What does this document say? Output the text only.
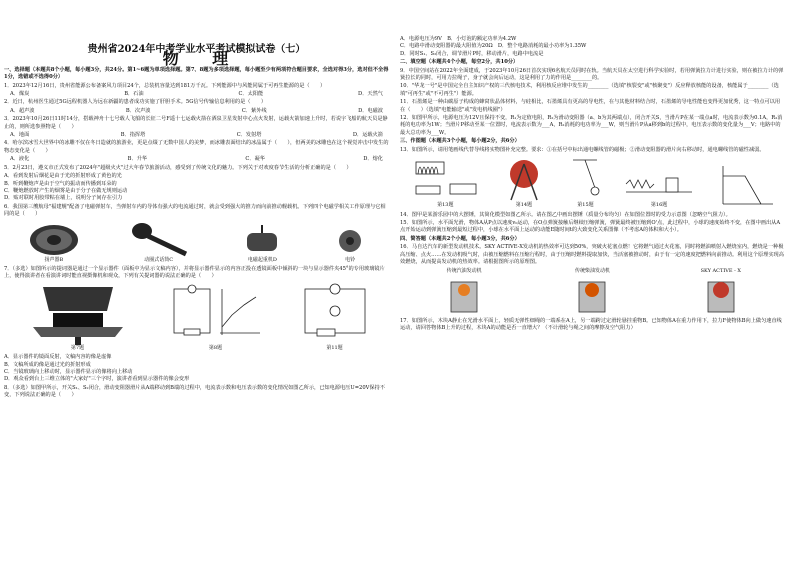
贵州省2024年中考学业水平考试模拟试卷（七）
物 理

一、选择题（本题共8个小题，每小题3分，共24分。第1~6题为单项选择题。第7、8题为多项选择题，每小题至少有两项符合题目要求，全选对得3分，选对但不全得1分，选错或不选得0分）

1．2023年12月16日，贵州省能源公布备案风力项目24个，总装机容量达到181万千瓦。下列能源中与风能同属于可再生能源的是（　　）

A．煤炭	B．石油	C．太阳能	D．天然气

2．近日，杭州医生通过5G远程机器人为远在新疆的患者成功实施了肝胆手术。5G信号传输信息利用的是（　　）

A．超声波	B．次声波	C．紫外线	D．电磁波

3．2023年10月26日11时14分，搭载神舟十七号载人飞船的长征二号F遥十七运载火箭在酒泉卫星发射中心点火发射，运载火箭加速上升时，若说宇飞船的航天员是静止的，则所选参照物是（　　）

A．地面	B．指挥塔	C．发射塔	D．运载火箭

4．哈尔滨冰雪大世界中的冰雕不仅在冬日造就的旅游业，更是点缀了无数中国人的美梦，而冰雕表面结出的冰晶属于（　　），但两美的冰雕也在这个视觉冲击中发生的物态变化是（　　）

A．液化	B．升华	C．凝华	D．熔化

5．2月23日，遵义市正式发布了2024年"超级火火"过大年春节旅游活动，感受到了传统文化的魅力。下列关于对欢度春节生活的分析正确的是（　　）

A．看到发射后烟花是由于光的折射形成了黄色的光

B．听到鞭炮声是由于空气的振动而传播到耳朵的

C．鞭炮燃放时产生的烟雾是由于分子在做无规则运动

D．贴对联时用胶带粘在墙上，说明分子间存在引力

6．我国第三艘航母"福建舰"配备了电磁弹射车，当弹射车内的导体有强大的电流通过时，就会受到强大的推力而向前推动舰载机。下列四个电磁学相关工作原理与它相同的是（　　）

扬声器B	动圈式话筒C	电磁起重机D	电铃

7．（多选）如图所示的提词器是通过一个显示器件（面板中为显示文稿内容），并将显示器件显示的内容正投在透镜面板中倾斜的一块与显示器件夹45°的专用玻璃镜片上，使得演讲者在看演讲词时能直视摄像机和观众，下列有关提词器的说法正确的是（　　）

第7题	第8题	第11题

A．显示器件的镜面反射，文稿内容的像是虚像

B．文稿所成的像是通过光的折射形成

C．当镜玻璃向上移动时，显示器件显示的像将向上移动

D．观众看到台上三维立体的"大家好"三个字时，演讲者看到显示器件的像会变形

8．（多选）如图甲所示，开关S₁、S₂闭合，滑动变阻器滑片从A端移动到B端的过程中，电流表示数和电压表示数的变化情况如图乙所示，已知电源电压U=20V保持不变，下列说法正确的是（　　）

A．电源电压为9V　B．小灯泡的额定功率为4.2W

C．电路中滑动变阻器的最大阻值为20Ω　D．整个电路消耗的最小功率为1.35W

D．同时S₁、S₂闭合，调节滑片P时，移动滑片，电路中电流是

二、填空题（本题共4个小题，每空2分，共10分）

9．中国空间站在2022年全面建成，于2023年10月26日首次实现6名航天员同时在轨。当航天员在太空进行科学实验时，若用弹簧拉力计进行实验，则在被拉力计的弹簧拉长的同时，可用力拉绳子，身子就会向后运动，这是利用了力的作用是________的。

10．"华龙一号"是中国完全自主知识产权的三代核电技术，利用核反应堆中发生的________（选填"核裂变"或"核聚变"）反应释放核能的设备，核能属于________（选填"可再生"或"不可再生"）能源。

11．石墨烯是一种由碳原子构成的蜂窝状晶体材料，与硅相比，石墨烯具有更高的导电性，在与其他材料结合时，石墨烯的导电性能也变得更加优秀，这一特点可以用在（　　）（选填"电能输送"或"发电机线圈"）

12．如图甲所示，电源电压为12V且保持不变，R₁为定值电阻，R₂为滑动变阻器（a、b为其两端点），闭合开关S，当滑片P在某一端点a时，电流表示数为0.1A，R₂消耗的电功率为1W；当滑片P移动至某一位置时，电流表示数为___A，R₂消耗的电功率为___W，则当滑片P从a移到b的过程中，电压表示数的变化量为___V；电路中的最大总功率为___W。

三、作图题（本题共3个小题，每小题2分，共6分）

13．如图所示，请用笔画线代替导线将实物图补充完整。要求：①在括号中标出通电螺线管的磁极；②滑动变阻器的滑片向右移动时，通电螺线管的磁性减弱。

第13题	第14题	第15题	第16题

14．图甲是某游乐园中的大摆锤，其简化模型如图乙所示。请在图乙中画出摆锤（质量分布均匀）在如图位置时的受力示意图（忽略空气阻力）。

15．如图所示，水平面光滑，物体A从P点以速度v₀运动，在O点弹簧接触后继续压缩弹簧，弹簧最终被压缩到O'点，此过程中，小球的速度始终不变，在图中画出从A点开始运动到弹簧压缩到最短过程中，小球在水平面上运动的动能E随时间t的大致变化关系图像（不考虑A的体积和大小）。

四、简答题（本题共2个小题，每小题3分，共6分）

16．马自达汽车的新型发动机技术。SKY ACTIVE-X发动机的热效率可达到50%，突破火花塞点燃！它将燃气通过火花塞，同时将燃油喷射入燃烧室内，燃烧是一种极高压缩、点火……在发动机吸气时，由被压缩燃料在压缩行程时，由于压缩时燃料提取加快，当活塞被推动时，由于有一定的速度把燃料向前推动。利用这个原理实现高效燃烧，从而提高发动机的热效率。请根据图所示的原理图。

传统汽油发动机	传统柴油发动机	SKY ACTIVE - X

17．如图所示，木块A静止在光滑水平面上，轻质无弹性细绳的一端系在A上，另一端跨过定滑轮悬挂重物B。已知物体A在重力作用下，拉力F使物体B向上做匀速直线运动，请回答物体B上升的过程，木块A的动能是否一直增大？（不计滑轮与绳之间的摩擦及空气阻力）
